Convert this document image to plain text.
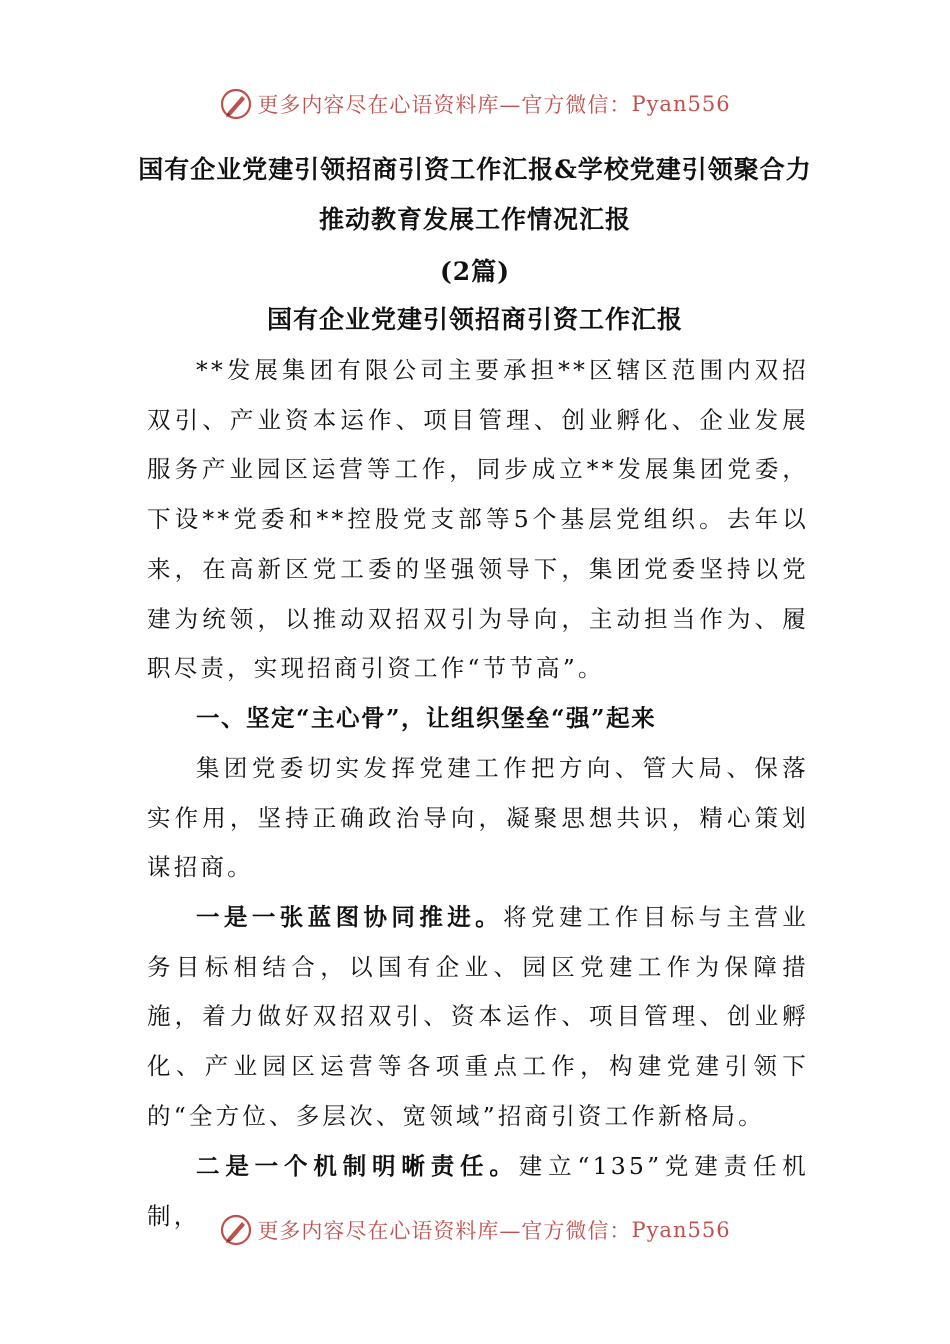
更多内容尽在心语资料库—官方微信： Pyan556
国有企业党建引领招商引资工作汇报&学校党建引领聚合力
推动教育发展工作情况汇报
(2篇)
国有企业党建引领招商引资工作汇报
**发展集团有限公司主要承担**区辖区范围内双招双引、产业资本运作、项目管理、创业孵化、企业发展服务产业园区运营等工作，同步成立**发展集团党委，下设**党委和**控股党支部等5个基层党组织。去年以来，在高新区党工委的坚强领导下，集团党委坚持以党建为统领，以推动双招双引为导向，主动担当作为、履职尽责，实现招商引资工作“节节高”。
一、坚定“主心骨”，让组织堡垒“强”起来
集团党委切实发挥党建工作把方向、管大局、保落实作用，坚持正确政治导向，凝聚思想共识，精心策划谋招商。
一是一张蓝图协同推进。将党建工作目标与主营业务目标相结合，以国有企业、园区党建工作为保障措施，着力做好双招双引、资本运作、项目管理、创业孵化、产业园区运营等各项重点工作，构建党建引领下的“全方位、多层次、宽领域”招商引资工作新格局。
二是一个机制明晰责任。建立“135”党建责任机制，
更多内容尽在心语资料库—官方微信： Pyan556
